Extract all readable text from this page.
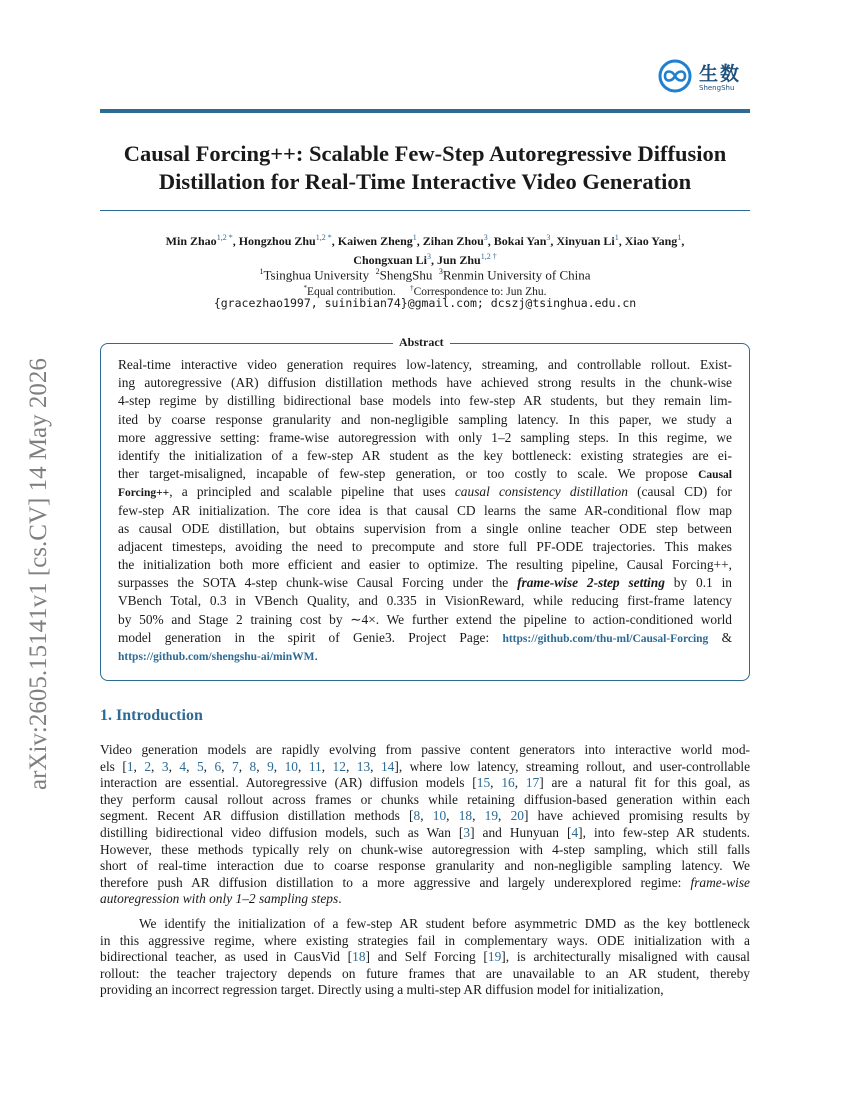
arXiv:2605.15141v1 [cs.CV] 14 May 2026
生数
ShengShu
Causal Forcing++: Scalable Few-Step Autoregressive Diffusion
Distillation for Real-Time Interactive Video Generation
Min Zhao$^{1,2 *}$, Hongzhou Zhu$^{1,2 *}$, Kaiwen Zheng$^1$, Zihan Zhou$^3$, Bokai Yan$^3$, Xinyuan Li$^1$, Xiao Yang$^1$,
Chongxuan Li$^3$, Jun Zhu$^{1,2 \dagger}$
$^1$Tsinghua University $^2$ShengShu $^3$Renmin University of China
*Equal contribution. †Correspondence to: Jun Zhu.
{gracezhao1997, suinibian74}@gmail.com; dcszj@tsinghua.edu.cn
Abstract
Real-time interactive video generation requires low-latency, streaming, and controllable rollout. Exist-
ing autoregressive (AR) diffusion distillation methods have achieved strong results in the chunk-wise
4-step regime by distilling bidirectional base models into few-step AR students, but they remain lim-
ited by coarse response granularity and non-negligible sampling latency. In this paper, we study a
more aggressive setting: frame-wise autoregression with only 1–2 sampling steps. In this regime, we
identify the initialization of a few-step AR student as the key bottleneck: existing strategies are ei-
ther target-misaligned, incapable of few-step generation, or too costly to scale. We propose Causal
Forcing++, a principled and scalable pipeline that uses causal consistency distillation (causal CD) for
few-step AR initialization. The core idea is that causal CD learns the same AR-conditional flow map
as causal ODE distillation, but obtains supervision from a single online teacher ODE step between
adjacent timesteps, avoiding the need to precompute and store full PF-ODE trajectories. This makes
the initialization both more efficient and easier to optimize. The resulting pipeline, Causal Forcing++,
surpasses the SOTA 4-step chunk-wise Causal Forcing under the frame-wise 2-step setting by 0.1 in
VBench Total, 0.3 in VBench Quality, and 0.335 in VisionReward, while reducing first-frame latency
by 50% and Stage 2 training cost by ∼4×. We further extend the pipeline to action-conditioned world
model generation in the spirit of Genie3. Project Page: https://github.com/thu-ml/Causal-Forcing &
https://github.com/shengshu-ai/minWM.
1. Introduction
Video generation models are rapidly evolving from passive content generators into interactive world mod-
els [1, 2, 3, 4, 5, 6, 7, 8, 9, 10, 11, 12, 13, 14], where low latency, streaming rollout, and user-controllable
interaction are essential. Autoregressive (AR) diffusion models [15, 16, 17] are a natural fit for this goal, as
they perform causal rollout across frames or chunks while retaining diffusion-based generation within each
segment. Recent AR diffusion distillation methods [8, 10, 18, 19, 20] have achieved promising results by
distilling bidirectional video diffusion models, such as Wan [3] and Hunyuan [4], into few-step AR students.
However, these methods typically rely on chunk-wise autoregression with 4-step sampling, which still falls
short of real-time interaction due to coarse response granularity and non-negligible sampling latency. We
therefore push AR diffusion distillation to a more aggressive and largely underexplored regime: frame-wise
autoregression with only 1–2 sampling steps.
We identify the initialization of a few-step AR student before asymmetric DMD as the key bottleneck
in this aggressive regime, where existing strategies fail in complementary ways. ODE initialization with a
bidirectional teacher, as used in CausVid [18] and Self Forcing [19], is architecturally misaligned with causal
rollout: the teacher trajectory depends on future frames that are unavailable to an AR student, thereby
providing an incorrect regression target. Directly using a multi-step AR diffusion model for initialization,
